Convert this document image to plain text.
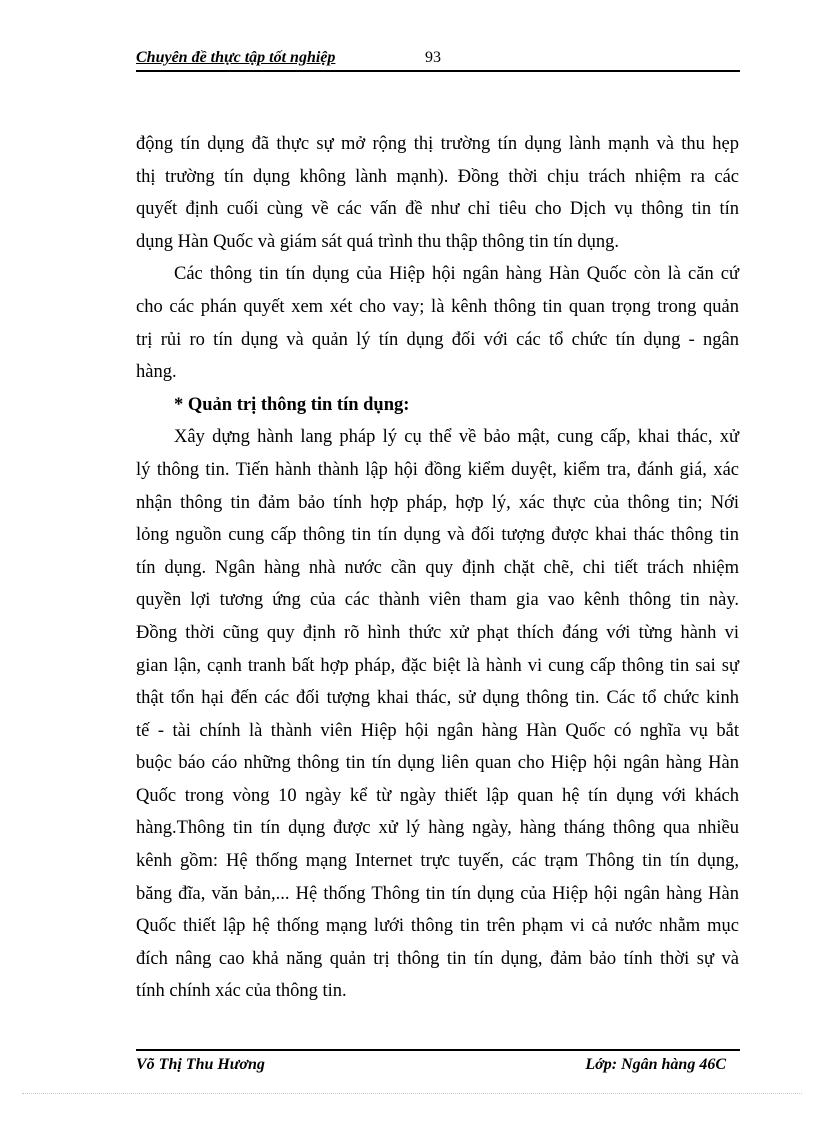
Chuyên đề thực tập tốt nghiệp	93

động tín dụng đã thực sự mở rộng thị trường tín dụng lành mạnh và thu hẹp
thị trường tín dụng không lành mạnh). Đồng thời chịu trách nhiệm ra các
quyết định cuối cùng về các vấn đề như chỉ tiêu cho Dịch vụ thông tin tín
dụng Hàn Quốc và giám sát quá trình thu thập thông tin tín dụng.

Các thông tin tín dụng của Hiệp hội ngân hàng Hàn Quốc còn là căn cứ
cho các phán quyết xem xét cho vay; là kênh thông tin quan trọng trong quản
trị rủi ro tín dụng và quản lý tín dụng đối với các tổ chức tín dụng - ngân
hàng.

* Quản trị thông tin tín dụng:

Xây dựng hành lang pháp lý cụ thể về bảo mật, cung cấp, khai thác, xử
lý thông tin. Tiến hành thành lập hội đồng kiểm duyệt, kiểm tra, đánh giá, xác
nhận thông tin đảm bảo tính hợp pháp, hợp lý, xác thực của thông tin; Nới
lỏng nguồn cung cấp thông tin tín dụng và đối tượng được khai thác thông tin
tín dụng. Ngân hàng nhà nước cần quy định chặt chẽ, chi tiết trách nhiệm
quyền lợi tương ứng của các thành viên tham gia vao kênh thông tin này.
Đồng thời cũng quy định rõ hình thức xử phạt thích đáng với từng hành vi
gian lận, cạnh tranh bất hợp pháp, đặc biệt là hành vi cung cấp thông tin sai sự
thật tổn hại đến các đối tượng khai thác, sử dụng thông tin. Các tổ chức kinh
tế - tài chính là thành viên Hiệp hội ngân hàng Hàn Quốc có nghĩa vụ bắt
buộc báo cáo những thông tin tín dụng liên quan cho Hiệp hội ngân hàng Hàn
Quốc trong vòng 10 ngày kể từ ngày thiết lập quan hệ tín dụng với khách
hàng.Thông tin tín dụng được xử lý hàng ngày, hàng tháng thông qua nhiều
kênh gồm: Hệ thống mạng Internet trực tuyến, các trạm Thông tin tín dụng,
băng đĩa, văn bản,... Hệ thống Thông tin tín dụng của Hiệp hội ngân hàng Hàn
Quốc thiết lập hệ thống mạng lưới thông tin trên phạm vi cả nước nhằm mục
đích nâng cao khả năng quản trị thông tin tín dụng, đảm bảo tính thời sự và
tính chính xác của thông tin.

Võ Thị Thu Hương	Lớp: Ngân hàng 46C
